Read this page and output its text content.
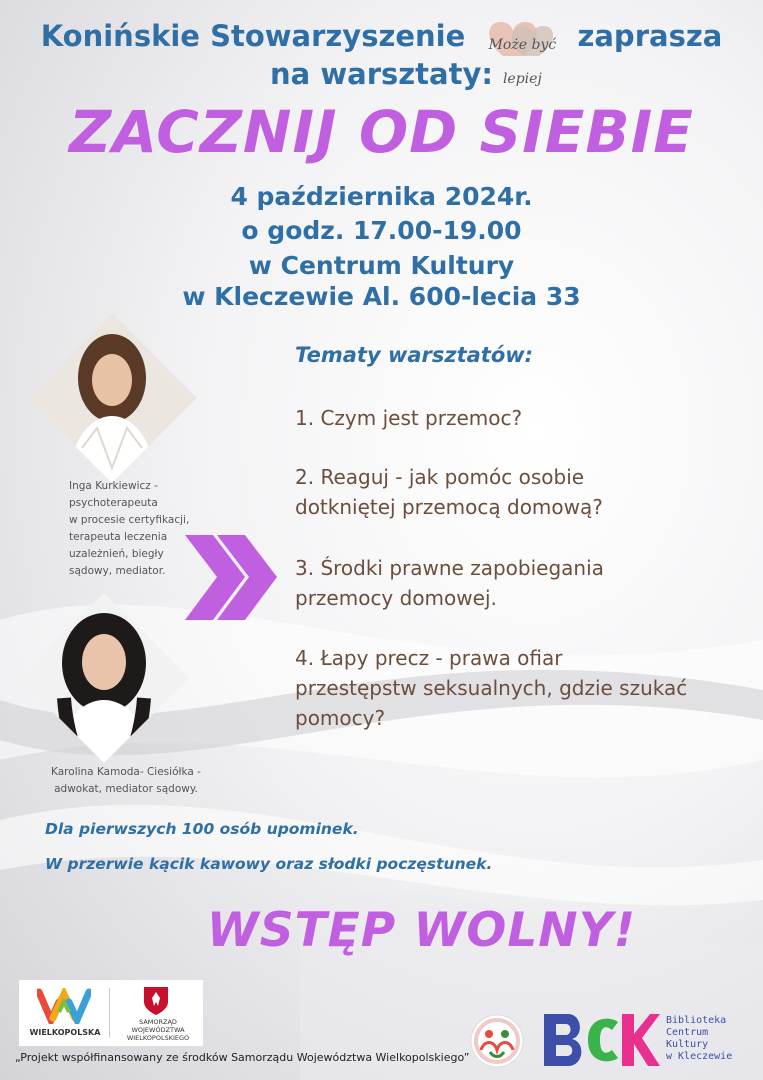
Konińskie Stowarzyszenie	Może być lepiej
zaprasza
na warsztaty:
ZACZNIJ OD SIEBIE
4 października 2024r.
o godz. 17.00-19.00
w Centrum Kultury
w Kleczewie Al. 600-lecia 33
Inga Kurkiewicz -
psychoterapeuta
w procesie certyfikacji,
terapeuta leczenia
uzależnień, biegły
sądowy, mediator.
Karolina Kamoda- Ciesiółka -
adwokat, mediator sądowy.
Tematy warsztatów:
1. Czym jest przemoc?
2. Reaguj - jak pomóc osobie
dotkniętej przemocą domową?
3. Środki prawne zapobiegania
przemocy domowej.
4. Łapy precz - prawa ofiar
przestępstw seksualnych, gdzie szukać
pomocy?
Dla pierwszych 100 osób upominek.
W przerwie kącik kawowy oraz słodki poczęstunek.
WSTĘP WOLNY!
WIELKOPOLSKA
SAMORZĄD
WOJEWÓDZTWA
WIELKOPOLSKIEGO
Biblioteka
Centrum
Kultury
w Kleczewie
„Projekt współfinansowany ze środków Samorządu Województwa Wielkopolskiego”
